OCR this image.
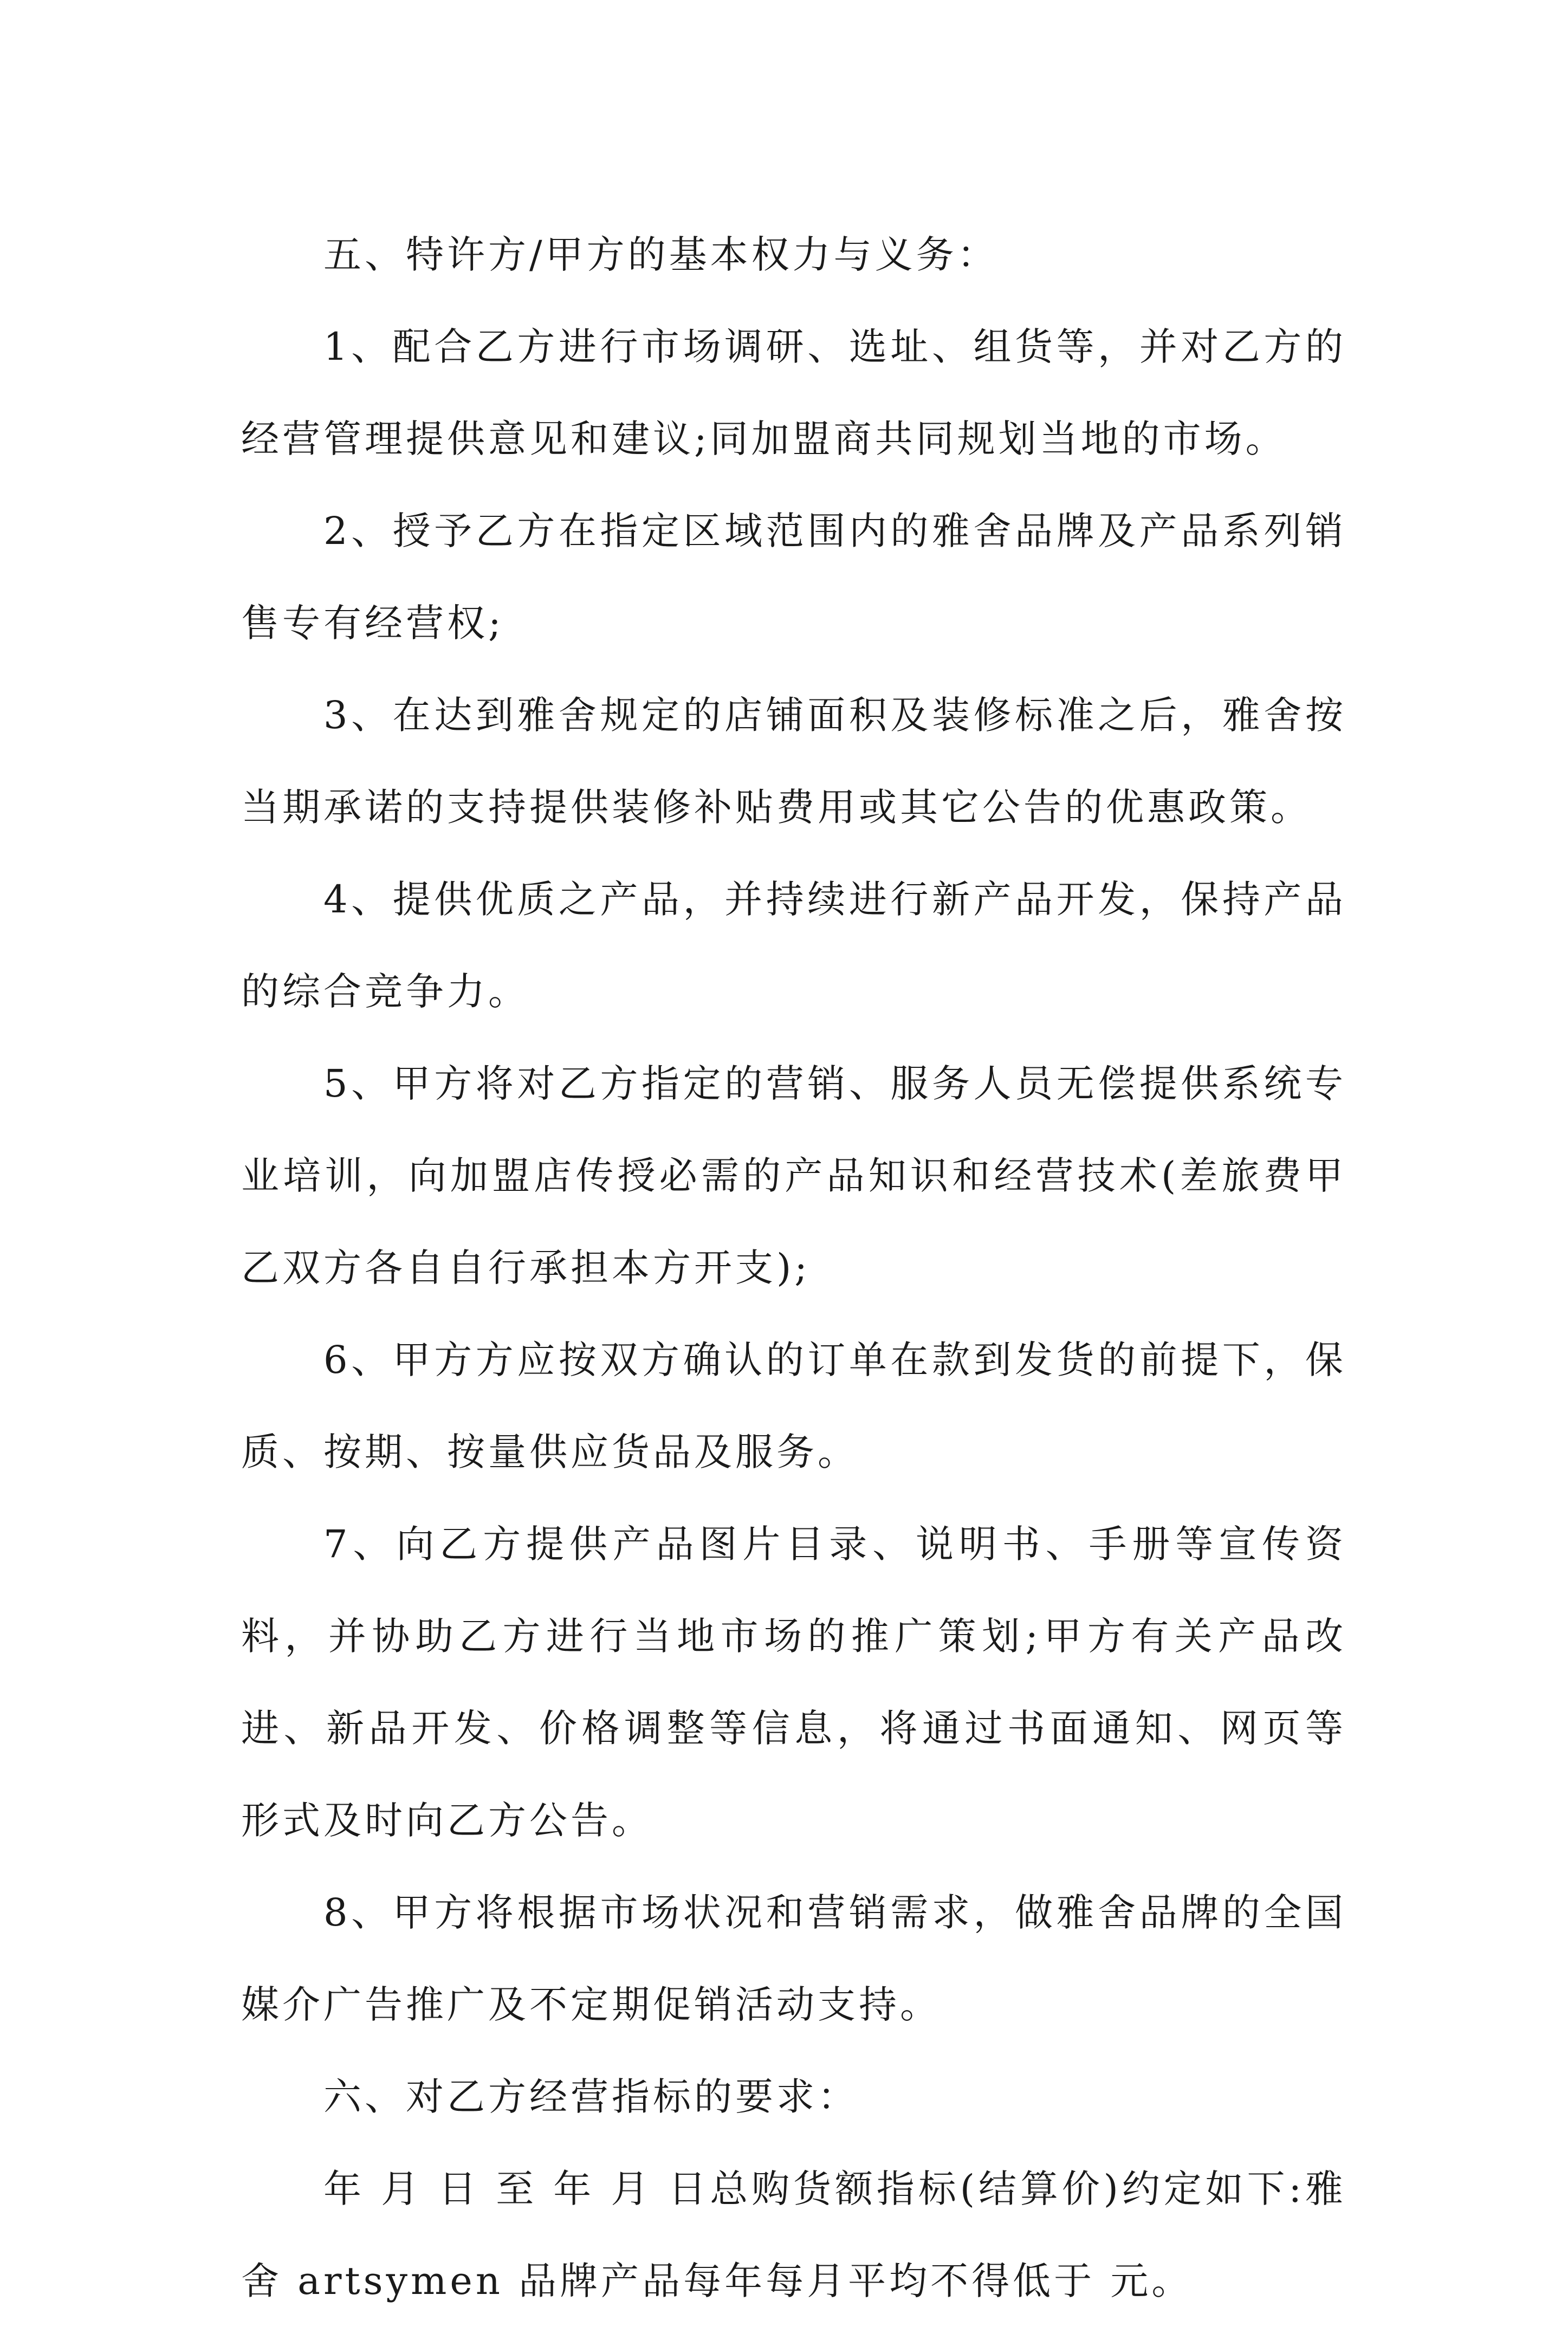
五、特许方/甲方的基本权力与义务：

1、配合乙方进行市场调研、选址、组货等，并对乙方的经营管理提供意见和建议;同加盟商共同规划当地的市场。

2、授予乙方在指定区域范围内的雅舍品牌及产品系列销售专有经营权;

3、在达到雅舍规定的店铺面积及装修标准之后，雅舍按当期承诺的支持提供装修补贴费用或其它公告的优惠政策。

4、提供优质之产品，并持续进行新产品开发，保持产品的综合竞争力。

5、甲方将对乙方指定的营销、服务人员无偿提供系统专业培训，向加盟店传授必需的产品知识和经营技术(差旅费甲乙双方各自自行承担本方开支);

6、甲方方应按双方确认的订单在款到发货的前提下，保质、按期、按量供应货品及服务。

7、向乙方提供产品图片目录、说明书、手册等宣传资料，并协助乙方进行当地市场的推广策划;甲方有关产品改进、新品开发、价格调整等信息，将通过书面通知、网页等形式及时向乙方公告。

8、甲方将根据市场状况和营销需求，做雅舍品牌的全国媒介广告推广及不定期促销活动支持。

六、对乙方经营指标的要求：

年 月 日 至 年 月 日总购货额指标(结算价)约定如下:雅舍 artsymen 品牌产品每年每月平均不得低于 元。
